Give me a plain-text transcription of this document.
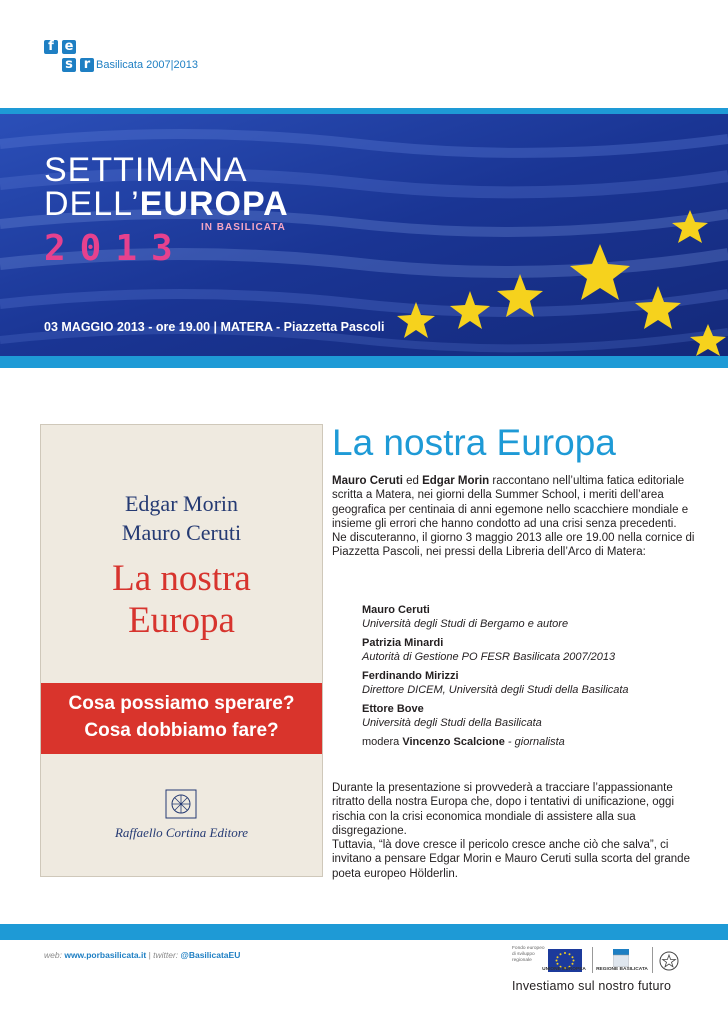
f e
s r Basilicata 2007|2013
SETTIMANA
DELL’EUROPA
IN BASILICATA
2013
03 MAGGIO 2013 - ore 19.00 | MATERA - Piazzetta Pascoli
Edgar Morin
Mauro Ceruti
La nostra
Europa
Cosa possiamo sperare?
Cosa dobbiamo fare?
Raffaello Cortina Editore
La nostra Europa
Mauro Ceruti ed Edgar Morin raccontano nell’ultima fatica editoriale scritta a Matera, nei giorni della Summer School, i meriti dell’area geografica per centinaia di anni egemone nello scacchiere mondiale e insieme gli errori che hanno condotto ad una crisi senza precedenti.
Ne discuteranno, il giorno 3 maggio 2013 alle ore 19.00 nella cornice di Piazzetta Pascoli, nei pressi della Libreria dell’Arco di Matera:
Mauro Ceruti
Università degli Studi di Bergamo e autore
Patrizia Minardi
Autorità di Gestione PO FESR Basilicata 2007/2013
Ferdinando Mirizzi
Direttore DICEM, Università degli Studi della Basilicata
Ettore Bove
Università degli Studi della Basilicata
modera Vincenzo Scalcione - giornalista
Durante la presentazione si provvederà a tracciare l’appassionante ritratto della nostra Europa che, dopo i tentativi di unificazione, oggi rischia con la crisi economica mondiale di assistere alla sua disgregazione.
Tuttavia, “là dove cresce il pericolo cresce anche ciò che salva”, ci invitano a pensare Edgar Morin e Mauro Ceruti sulla scorta del grande poeta europeo Hölderlin.
web: www.porbasilicata.it | twitter: @BasilicataEU
Fondo europeo di sviluppo regionale
UNIONE EUROPEA	REGIONE BASILICATA
Investiamo sul nostro futuro
